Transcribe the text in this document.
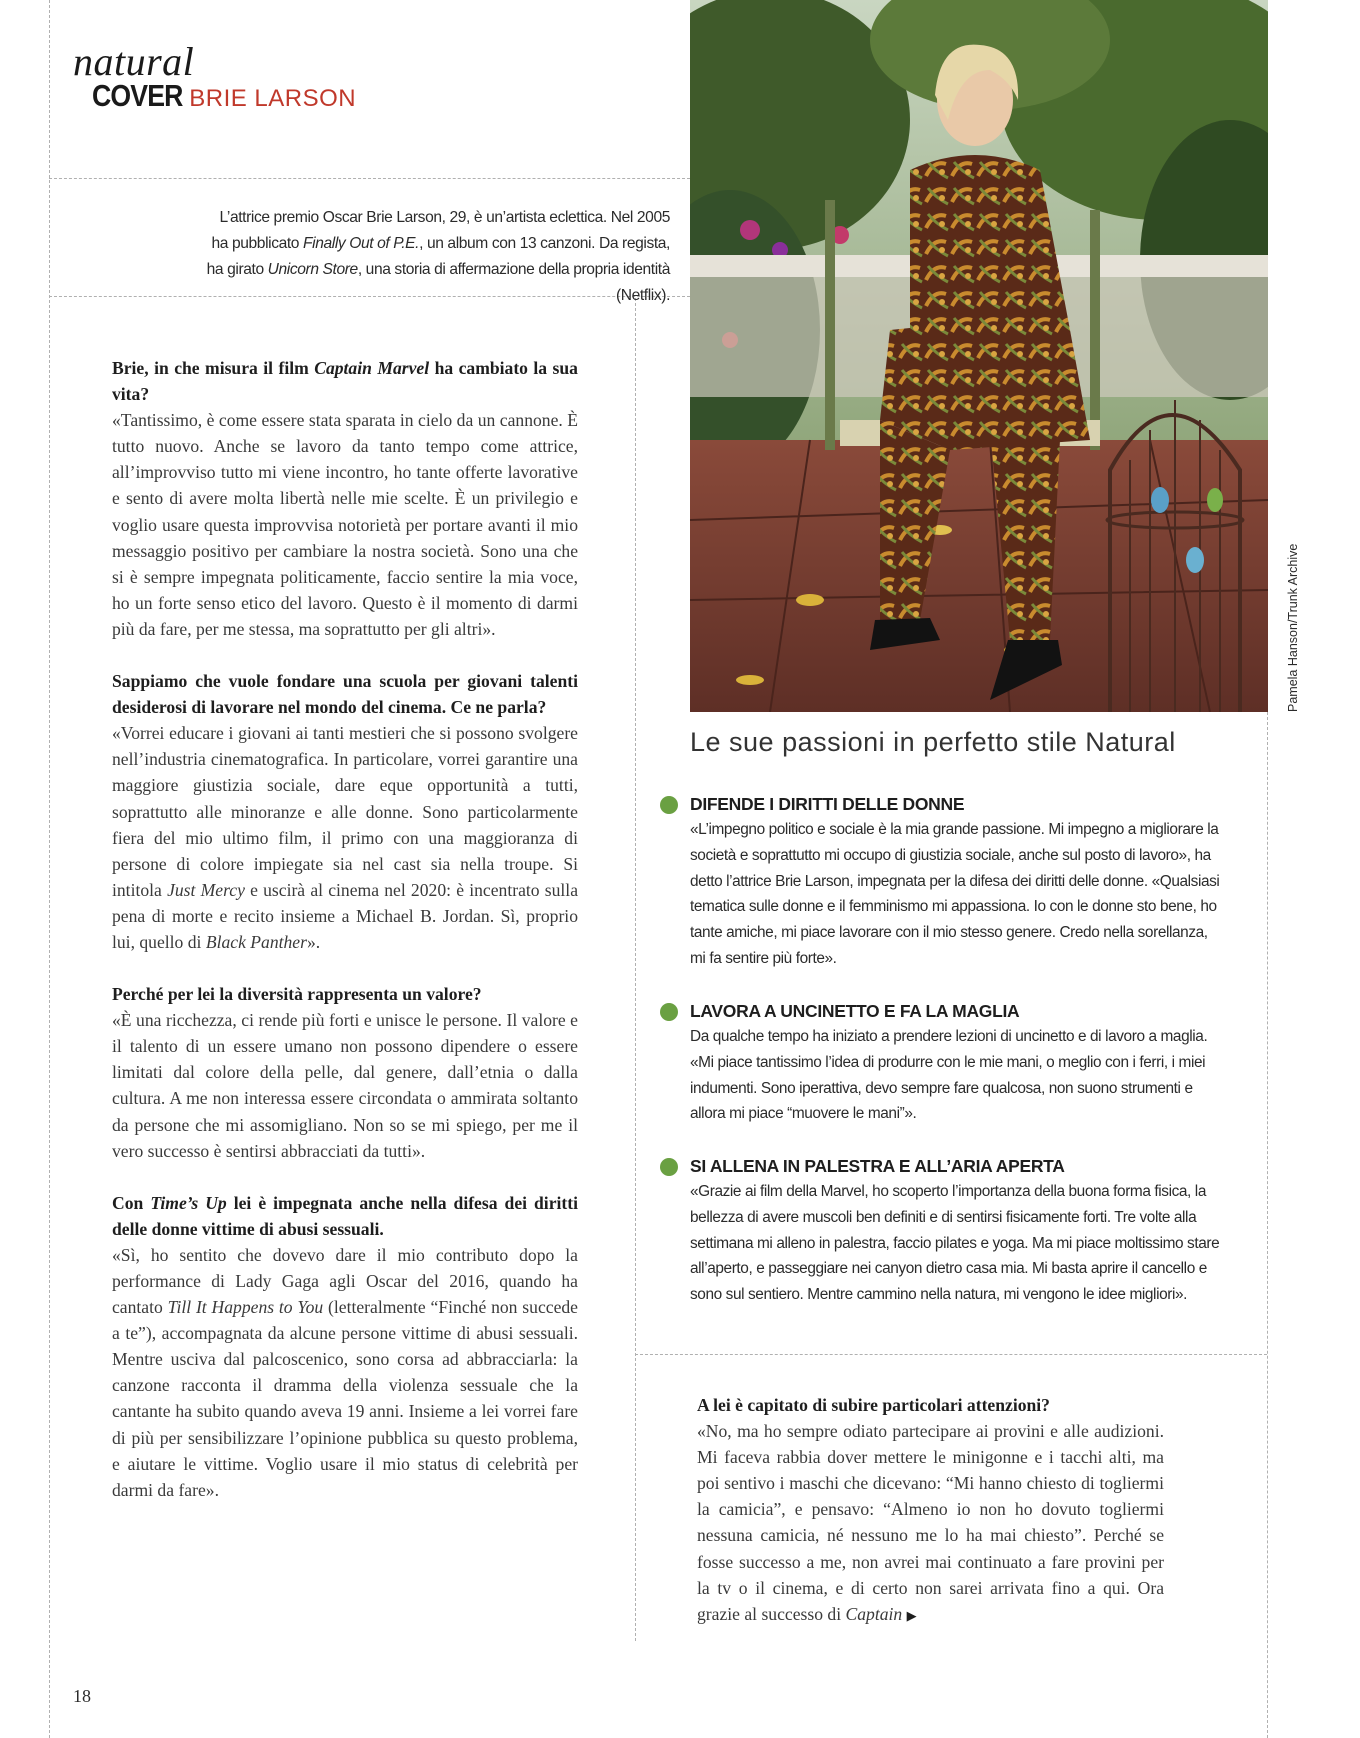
natural
COVER BRIE LARSON
L’attrice premio Oscar Brie Larson, 29, è un’artista eclettica. Nel 2005 ha pubblicato Finally Out of P.E., un album con 13 canzoni. Da regista, ha girato Unicorn Store, una storia di affermazione della propria identità (Netflix).
Pamela Hanson/Trunk Archive

Brie, in che misura il film Captain Marvel ha cambiato la sua vita?

«Tantissimo, è come essere stata sparata in cielo da un cannone. È tutto nuovo. Anche se lavoro da tanto tempo come attrice, all’improvviso tutto mi viene incontro, ho tante offerte lavorative e sento di avere molta libertà nelle mie scelte. È un privilegio e voglio usare questa improvvisa notorietà per portare avanti il mio messaggio positivo per cambiare la nostra società. Sono una che si è sempre impegnata politicamente, faccio sentire la mia voce, ho un forte senso etico del lavoro. Questo è il momento di darmi più da fare, per me stessa, ma soprattutto per gli altri».

Sappiamo che vuole fondare una scuola per giovani talenti desiderosi di lavorare nel mondo del cinema. Ce ne parla?

«Vorrei educare i giovani ai tanti mestieri che si possono svolgere nell’industria cinematografica. In particolare, vorrei garantire una maggiore giustizia sociale, dare eque opportunità a tutti, soprattutto alle minoranze e alle donne. Sono particolarmente fiera del mio ultimo film, il primo con una maggioranza di persone di colore impiegate sia nel cast sia nella troupe. Si intitola Just Mercy e uscirà al cinema nel 2020: è incentrato sulla pena di morte e recito insieme a Michael B. Jordan. Sì, proprio lui, quello di Black Panther».

Perché per lei la diversità rappresenta un valore?

«È una ricchezza, ci rende più forti e unisce le persone. Il valore e il talento di un essere umano non possono dipendere o essere limitati dal colore della pelle, dal genere, dall’etnia o dalla cultura. A me non interessa essere circondata o ammirata soltanto da persone che mi assomigliano. Non so se mi spiego, per me il vero successo è sentirsi abbracciati da tutti».

Con Time’s Up lei è impegnata anche nella difesa dei diritti delle donne vittime di abusi sessuali.

«Sì, ho sentito che dovevo dare il mio contributo dopo la performance di Lady Gaga agli Oscar del 2016, quando ha cantato Till It Happens to You (letteralmente “Finché non succede a te”), accompagnata da alcune persone vittime di abusi sessuali. Mentre usciva dal palcoscenico, sono corsa ad abbracciarla: la canzone racconta il dramma della violenza sessuale che la cantante ha subito quando aveva 19 anni. Insieme a lei vorrei fare di più per sensibilizzare l’opinione pubblica su questo problema, e aiutare le vittime. Voglio usare il mio status di celebrità per darmi da fare».

Le sue passioni in perfetto stile Natural
DIFENDE I DIRITTI DELLE DONNE
«L’impegno politico e sociale è la mia grande passione. Mi impegno a migliorare la società e soprattutto mi occupo di giustizia sociale, anche sul posto di lavoro», ha detto l’attrice Brie Larson, impegnata per la difesa dei diritti delle donne. «Qualsiasi tematica sulle donne e il femminismo mi appassiona. Io con le donne sto bene, ho tante amiche, mi piace lavorare con il mio stesso genere. Credo nella sorellanza, mi fa sentire più forte».
LAVORA A UNCINETTO E FA LA MAGLIA
Da qualche tempo ha iniziato a prendere lezioni di uncinetto e di lavoro a maglia. «Mi piace tantissimo l’idea di produrre con le mie mani, o meglio con i ferri, i miei indumenti. Sono iperattiva, devo sempre fare qualcosa, non suono strumenti e allora mi piace “muovere le mani”».
SI ALLENA IN PALESTRA E ALL’ARIA APERTA
«Grazie ai film della Marvel, ho scoperto l’importanza della buona forma fisica, la bellezza di avere muscoli ben definiti e di sentirsi fisicamente forti. Tre volte alla settimana mi alleno in palestra, faccio pilates e yoga. Ma mi piace moltissimo stare all’aperto, e passeggiare nei canyon dietro casa mia. Mi basta aprire il cancello e sono sul sentiero. Mentre cammino nella natura, mi vengono le idee migliori».

A lei è capitato di subire particolari attenzioni?

«No, ma ho sempre odiato partecipare ai provini e alle audizioni. Mi faceva rabbia dover mettere le minigonne e i tacchi alti, ma poi sentivo i maschi che dicevano: “Mi hanno chiesto di togliermi la camicia”, e pensavo: “Almeno io non ho dovuto togliermi nessuna camicia, né nessuno me lo ha mai chiesto”. Perché se fosse successo a me, non avrei mai continuato a fare provini per la tv o il cinema, e di certo non sarei arrivata fino a qui. Ora grazie al successo di Captain ▶

18
